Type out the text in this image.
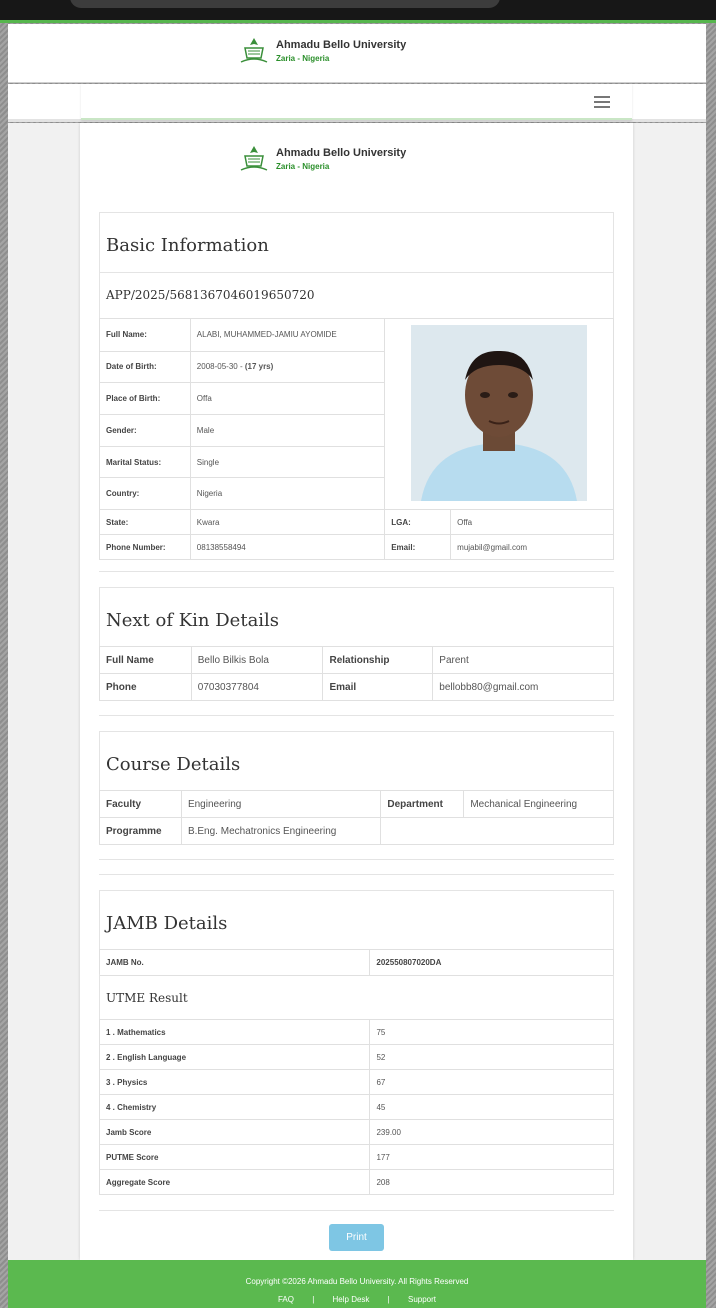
Ahmadu Bello University
Zaria - Nigeria
Ahmadu Bello University
Zaria - Nigeria
Basic Information
APP/2025/5681367046019650720
Full Name:	ALABI, MUHAMMED-JAMIU AYOMIDE	
Date of Birth:	2008-05-30 - (17 yrs)		
Place of Birth:	Offa		
Gender:	Male		
Marital Status:	Single		
Country:	Nigeria		
State:	Kwara	LGA:	Offa
Phone Number:	08138558494	Email:	mujabil@gmail.com
Next of Kin Details
Full Name	Bello Bilkis Bola	Relationship	Parent
Phone	07030377804	Email	bellobb80@gmail.com
Course Details
Faculty	Engineering	Department	Mechanical Engineering
Programme	B.Eng. Mechatronics Engineering		
JAMB Details
JAMB No.	202550807020DA
UTME Result
1 . Mathematics	75
2 . English Language	52
3 . Physics	67
4 . Chemistry	45
Jamb Score	239.00
PUTME Score	177
Aggregate Score	208
Print
Copyright ©2026 Ahmadu Bello University. All Rights Reserved
FAQ | Help Desk | Support
